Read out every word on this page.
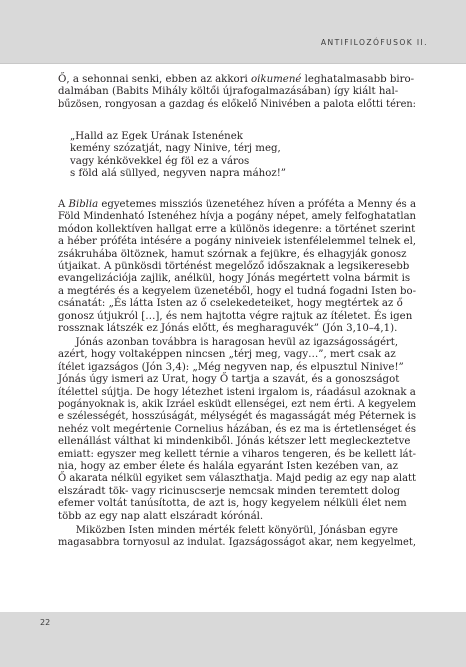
ANTIFILOZÓFUSOK II.
Ő, a sehonnai senki, ebben az akkori oikumené leghatalmasabb biro-
dalmában (Babits Mihály költői újrafogalmazásában) így kiált hal-
bűzösen, rongyosan a gazdag és előkelő Ninivében a palota előtti téren:
„Halld az Egek Urának Istenének
kemény szózatját, nagy Ninive, térj meg,
vagy kénkövekkel ég föl ez a város
s föld alá süllyed, negyven napra mához!”
A Biblia egyetemes missziós üzenetéhez híven a próféta a Menny és a
Föld Mindenható Istenéhez hívja a pogány népet, amely felfoghatatlan
módon kollektíven hallgat erre a különös idegenre: a történet szerint
a héber próféta intésére a pogány niniveiek istenfélelemmel telnek el,
zsákruhába öltöznek, hamut szórnak a fejükre, és elhagyják gonosz
útjaikat. A pünkösdi történést megelőző időszaknak a legsikeresebb
evangelizációja zajlik, anélkül, hogy Jónás megértett volna bármit is
a megtérés és a kegyelem üzenetéből, hogy el tudná fogadni Isten bo-
csánatát: „És látta Isten az ő cselekedeteiket, hogy megtértek az ő
gonosz útjukról […], és nem hajtotta végre rajtuk az ítéletet. És igen
rossznak látszék ez Jónás előtt, és megharaguvék” (Jón 3,10–4,1).
Jónás azonban továbbra is haragosan hevül az igazságosságért,
azért, hogy voltaképpen nincsen „térj meg, vagy…”, mert csak az
ítélet igazságos (Jón 3,4): „Még negyven nap, és elpusztul Ninive!”
Jónás úgy ismeri az Urat, hogy Ő tartja a szavát, és a gonoszságot
ítélettel sújtja. De hogy létezhet isteni irgalom is, ráadásul azoknak a
pogányoknak is, akik Izráel esküdt ellenségei, ezt nem érti. A kegyelem
e szélességét, hosszúságát, mélységét és magasságát még Péternek is
nehéz volt megértenie Cornelius házában, és ez ma is értetlenséget és
ellenállást válthat ki mindenkiből. Jónás kétszer lett megleckeztetve
emiatt: egyszer meg kellett térnie a viharos tengeren, és be kellett lát-
nia, hogy az ember élete és halála egyaránt Isten kezében van, az
Ő akarata nélkül egyiket sem választhatja. Majd pedig az egy nap alatt
elszáradt tök- vagy ricinuscserje nemcsak minden teremtett dolog
efemer voltát tanúsította, de azt is, hogy kegyelem nélküli élet nem
több az egy nap alatt elszáradt kórónál.
Miközben Isten minden mérték felett könyörül, Jónásban egyre
magasabbra tornyosul az indulat. Igazságosságot akar, nem kegyelmet,
22
